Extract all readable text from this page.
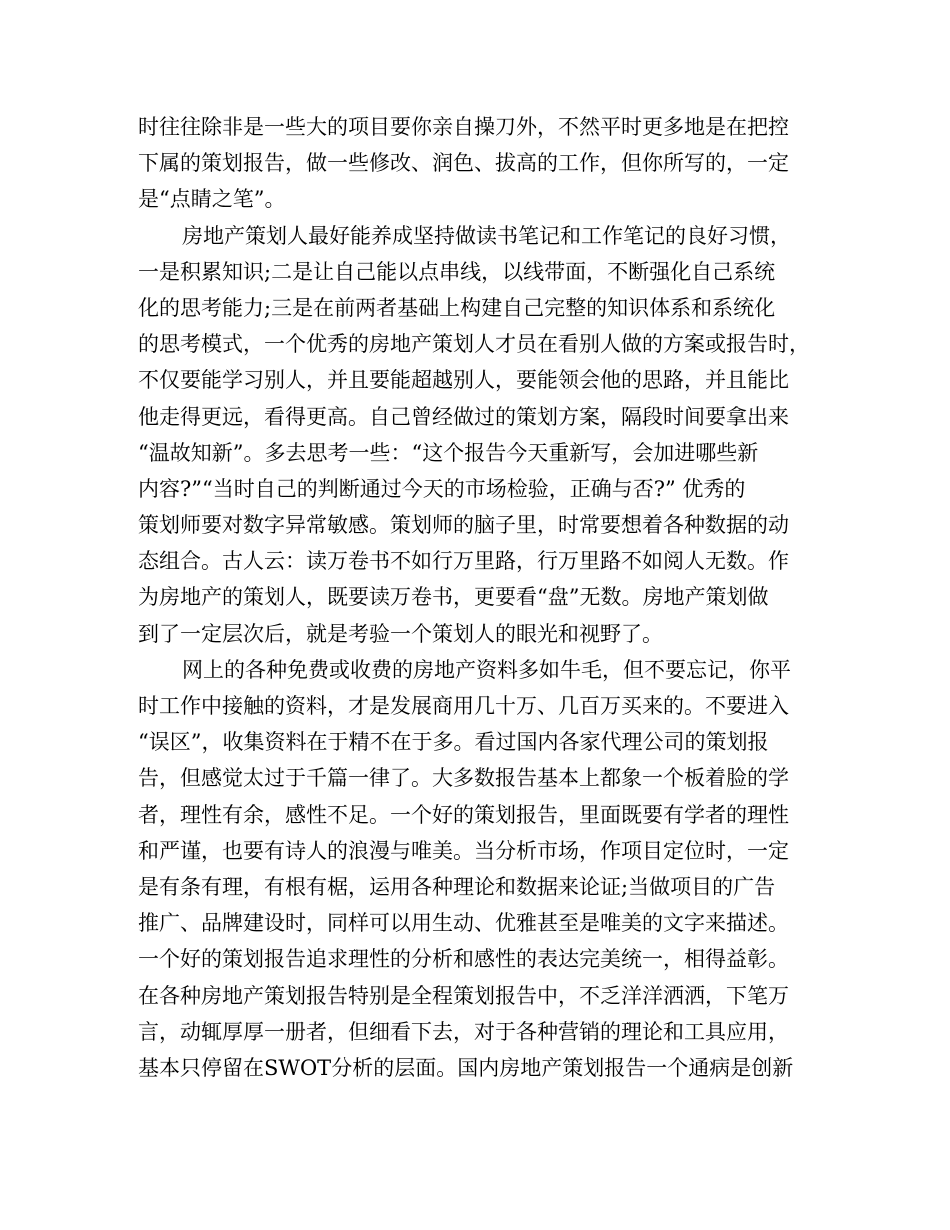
时往往除非是一些大的项目要你亲自操刀外，不然平时更多地是在把控
下属的策划报告，做一些修改、润色、拔高的工作，但你所写的，一定
是“点睛之笔”。
房地产策划人最好能养成坚持做读书笔记和工作笔记的良好习惯，
一是积累知识;二是让自己能以点串线，以线带面，不断强化自己系统
化的思考能力;三是在前两者基础上构建自己完整的知识体系和系统化
的思考模式，一个优秀的房地产策划人才员在看别人做的方案或报告时，
不仅要能学习别人，并且要能超越别人，要能领会他的思路，并且能比
他走得更远，看得更高。自己曾经做过的策划方案，隔段时间要拿出来
“温故知新”。多去思考一些：“这个报告今天重新写，会加进哪些新
内容?”“当时自己的判断通过今天的市场检验，正确与否?” 优秀的
策划师要对数字异常敏感。策划师的脑子里，时常要想着各种数据的动
态组合。古人云：读万卷书不如行万里路，行万里路不如阅人无数。作
为房地产的策划人，既要读万卷书，更要看“盘”无数。房地产策划做
到了一定层次后，就是考验一个策划人的眼光和视野了。
网上的各种免费或收费的房地产资料多如牛毛，但不要忘记，你平
时工作中接触的资料，才是发展商用几十万、几百万买来的。不要进入
“误区”，收集资料在于精不在于多。看过国内各家代理公司的策划报
告，但感觉太过于千篇一律了。大多数报告基本上都象一个板着脸的学
者，理性有余，感性不足。一个好的策划报告，里面既要有学者的理性
和严谨，也要有诗人的浪漫与唯美。当分析市场，作项目定位时，一定
是有条有理，有根有椐，运用各种理论和数据来论证;当做项目的广告
推广、品牌建设时，同样可以用生动、优雅甚至是唯美的文字来描述。
一个好的策划报告追求理性的分析和感性的表达完美统一，相得益彰。
在各种房地产策划报告特别是全程策划报告中，不乏洋洋洒洒，下笔万
言，动辄厚厚一册者，但细看下去，对于各种营销的理论和工具应用，
基本只停留在SWOT分析的层面。国内房地产策划报告一个通病是创新
